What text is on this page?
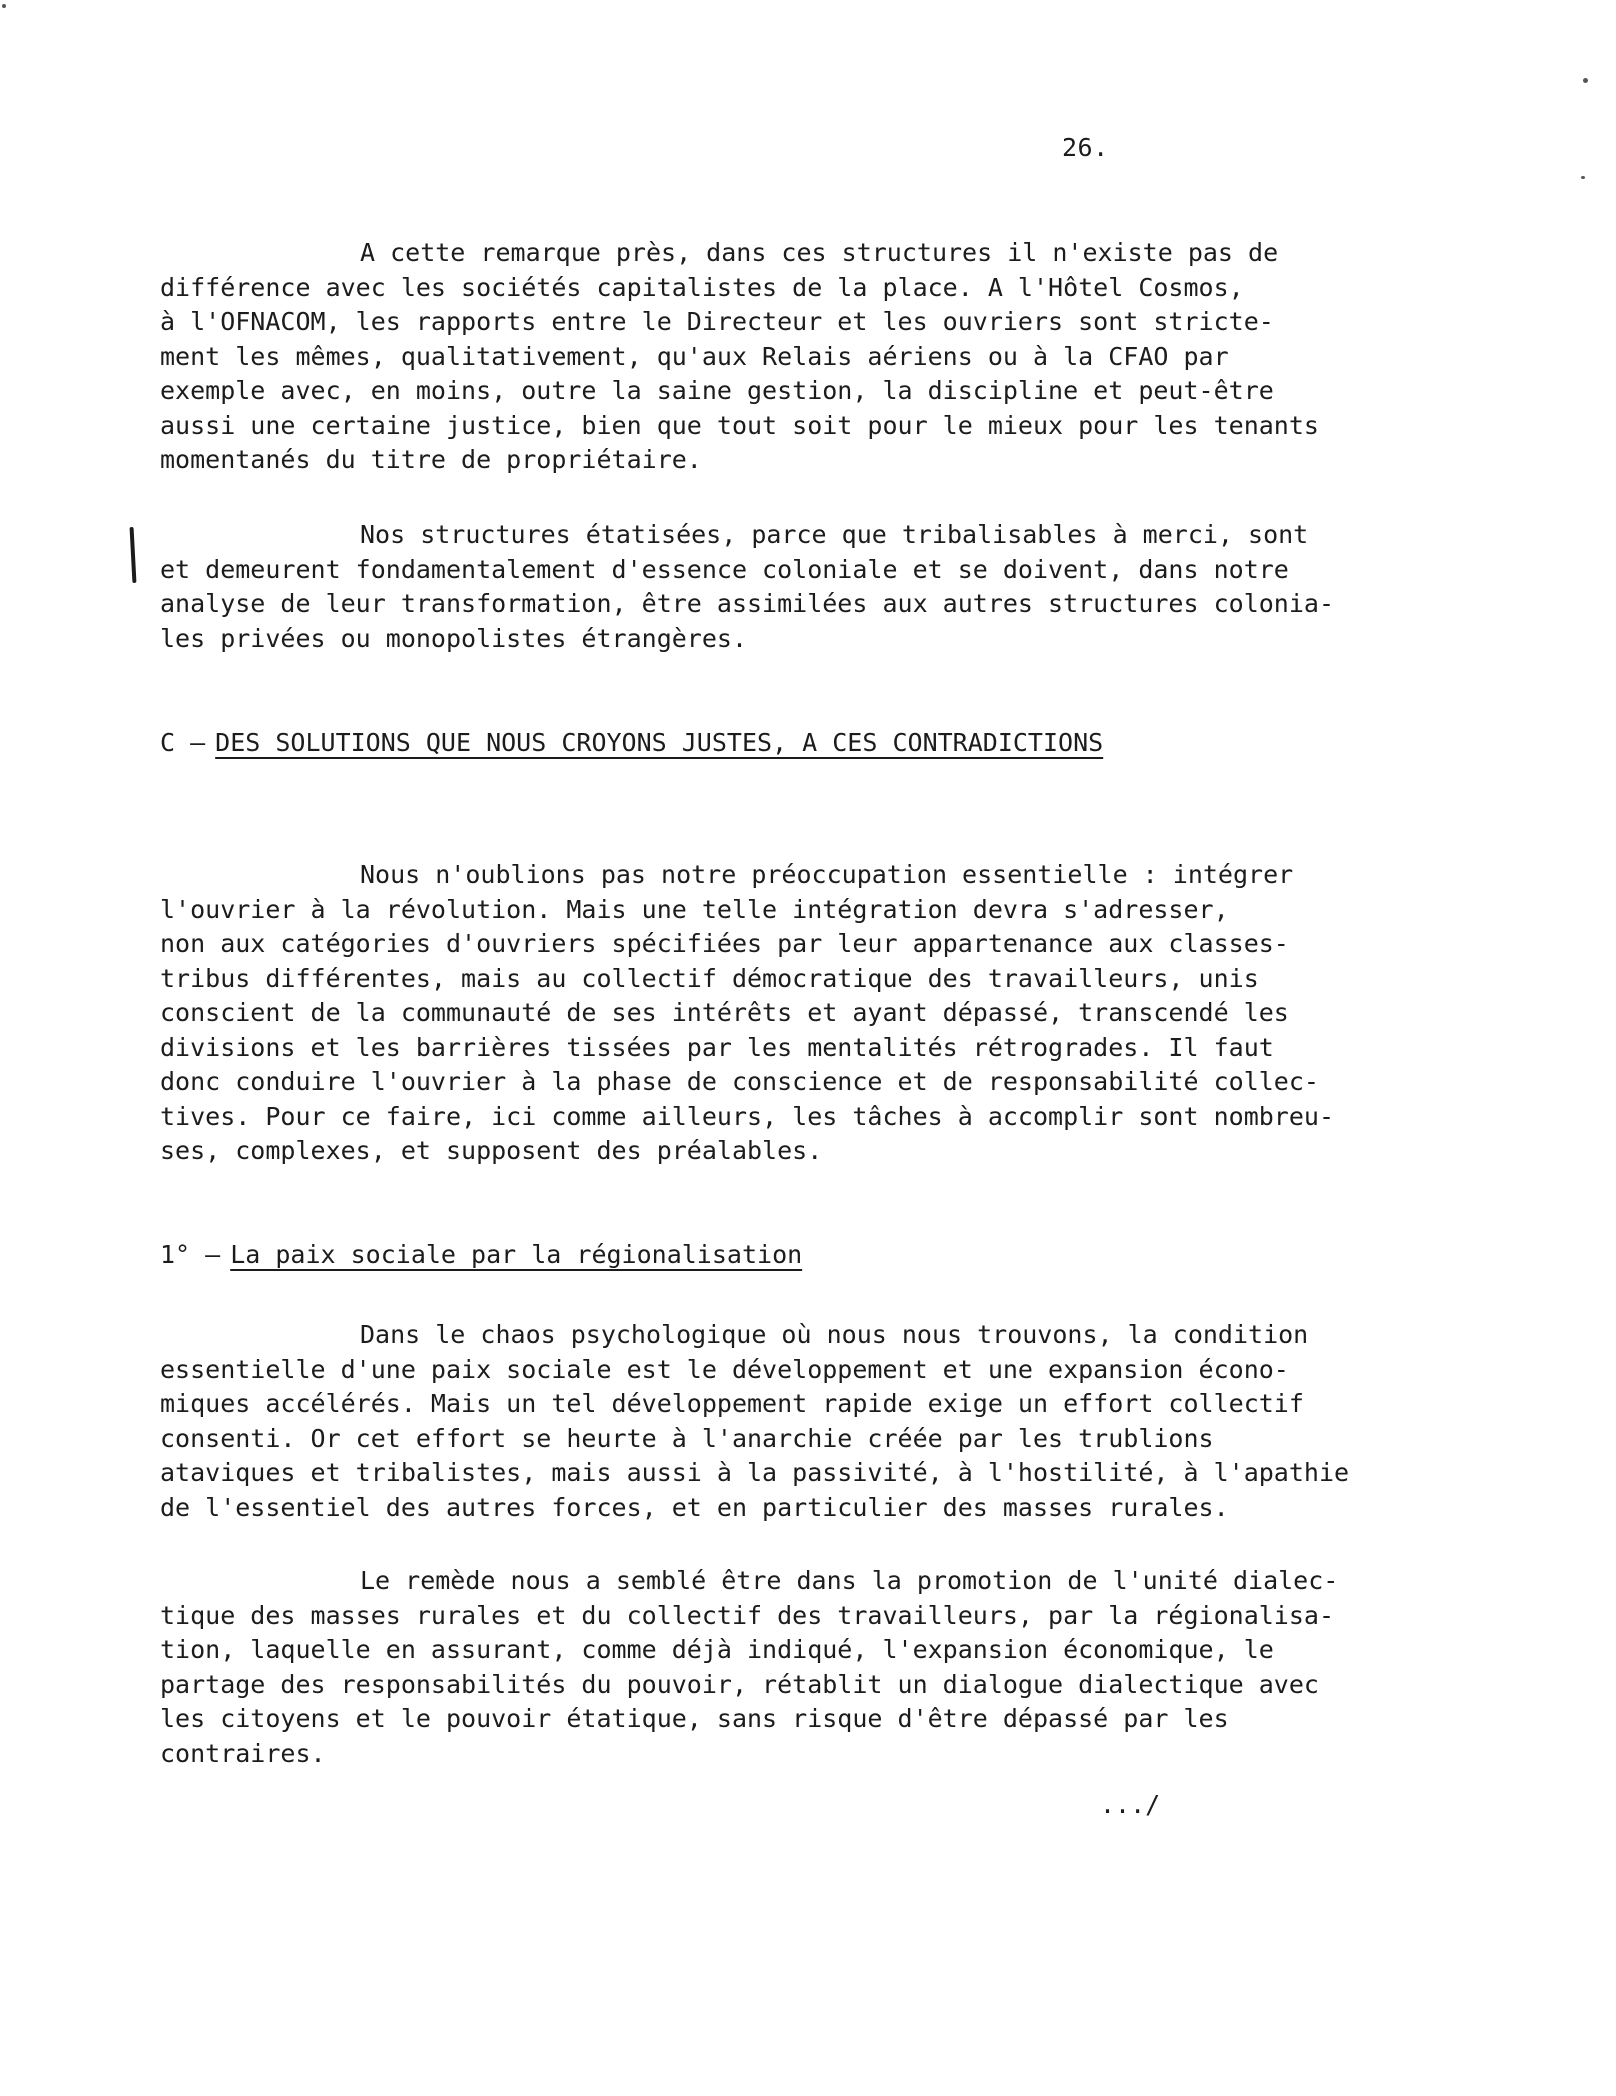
26.
A cette remarque près, dans ces structures il n'existe pas de
différence avec les sociétés capitalistes de la place. A l'Hôtel Cosmos,
à l'OFNACOM, les rapports entre le Directeur et les ouvriers sont stricte-
ment les mêmes, qualitativement, qu'aux Relais aériens ou à la CFAO par
exemple avec, en moins, outre la saine gestion, la discipline et peut-être
aussi une certaine justice, bien que tout soit pour le mieux pour les tenants
momentanés du titre de propriétaire.
Nos structures étatisées, parce que tribalisables à merci, sont
et demeurent fondamentalement d'essence coloniale et se doivent, dans notre
analyse de leur transformation, être assimilées aux autres structures colonia-
les privées ou monopolistes étrangères.
C – DES SOLUTIONS QUE NOUS CROYONS JUSTES, A CES CONTRADICTIONS
Nous n'oublions pas notre préoccupation essentielle : intégrer
l'ouvrier à la révolution. Mais une telle intégration devra s'adresser,
non aux catégories d'ouvriers spécifiées par leur appartenance aux classes-
tribus différentes, mais au collectif démocratique des travailleurs, unis
conscient de la communauté de ses intérêts et ayant dépassé, transcendé les
divisions et les barrières tissées par les mentalités rétrogrades. Il faut
donc conduire l'ouvrier à la phase de conscience et de responsabilité collec-
tives. Pour ce faire, ici comme ailleurs, les tâches à accomplir sont nombreu-
ses, complexes, et supposent des préalables.
1° – La paix sociale par la régionalisation
Dans le chaos psychologique où nous nous trouvons, la condition
essentielle d'une paix sociale est le développement et une expansion écono-
miques accélérés. Mais un tel développement rapide exige un effort collectif
consenti. Or cet effort se heurte à l'anarchie créée par les trublions
ataviques et tribalistes, mais aussi à la passivité, à l'hostilité, à l'apathie
de l'essentiel des autres forces, et en particulier des masses rurales.
Le remède nous a semblé être dans la promotion de l'unité dialec-
tique des masses rurales et du collectif des travailleurs, par la régionalisa-
tion, laquelle en assurant, comme déjà indiqué, l'expansion économique, le
partage des responsabilités du pouvoir, rétablit un dialogue dialectique avec
les citoyens et le pouvoir étatique, sans risque d'être dépassé par les
contraires.
.../
